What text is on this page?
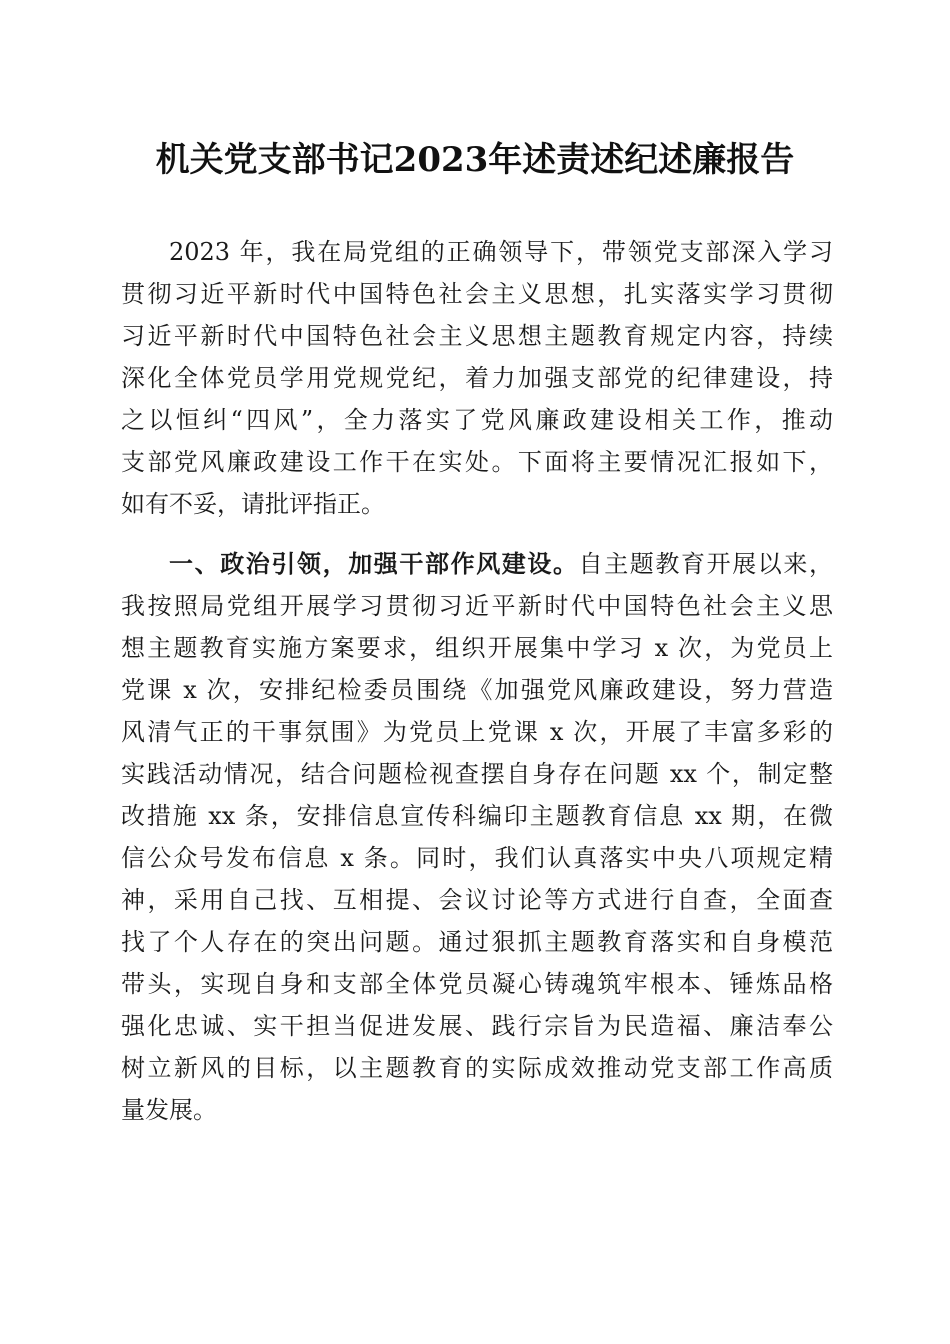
机关党支部书记2023年述责述纪述廉报告
2023 年，我在局党组的正确领导下，带领党支部深入学习
贯彻习近平新时代中国特色社会主义思想，扎实落实学习贯彻
习近平新时代中国特色社会主义思想主题教育规定内容，持续
深化全体党员学用党规党纪，着力加强支部党的纪律建设，持
之以恒纠“四风”，全力落实了党风廉政建设相关工作，推动
支部党风廉政建设工作干在实处。下面将主要情况汇报如下，
如有不妥，请批评指正。
一、政治引领，加强干部作风建设。自主题教育开展以来，
我按照局党组开展学习贯彻习近平新时代中国特色社会主义思
想主题教育实施方案要求，组织开展集中学习 x 次，为党员上
党课 x 次，安排纪检委员围绕《加强党风廉政建设，努力营造
风清气正的干事氛围》为党员上党课 x 次，开展了丰富多彩的
实践活动情况，结合问题检视查摆自身存在问题 xx 个，制定整
改措施 xx 条，安排信息宣传科编印主题教育信息 xx 期，在微
信公众号发布信息 x 条。同时，我们认真落实中央八项规定精
神，采用自己找、互相提、会议讨论等方式进行自查，全面查
找了个人存在的突出问题。通过狠抓主题教育落实和自身模范
带头，实现自身和支部全体党员凝心铸魂筑牢根本、锤炼品格
强化忠诚、实干担当促进发展、践行宗旨为民造福、廉洁奉公
树立新风的目标，以主题教育的实际成效推动党支部工作高质
量发展。
